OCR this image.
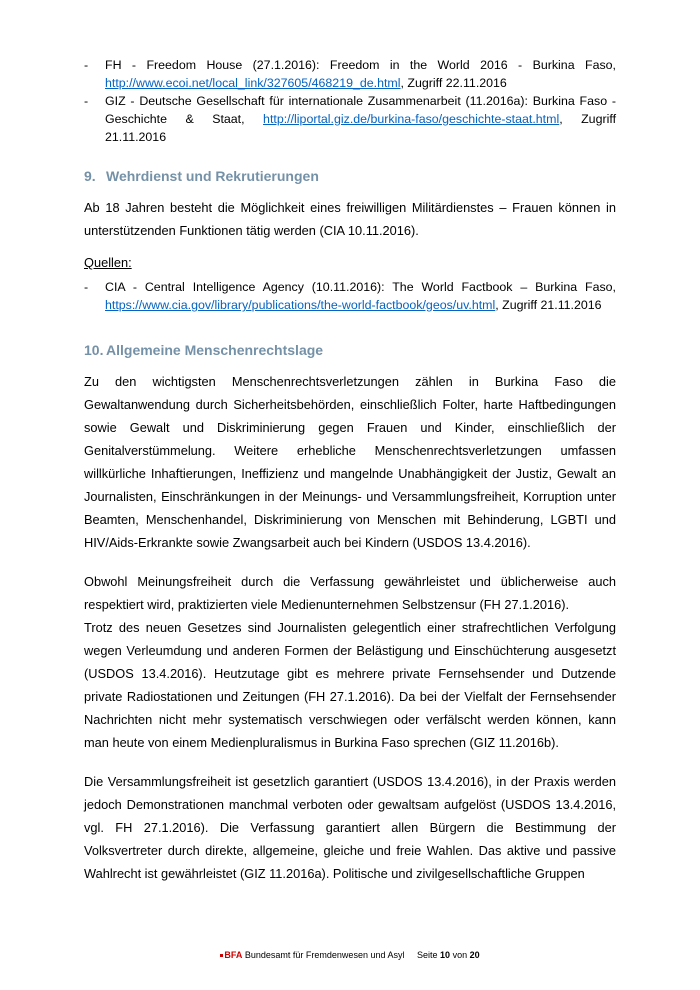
-	FH - Freedom House (27.1.2016): Freedom in the World 2016 - Burkina Faso, http://www.ecoi.net/local_link/327605/468219_de.html, Zugriff 22.11.2016
-	GIZ - Deutsche Gesellschaft für internationale Zusammenarbeit (11.2016a): Burkina Faso - Geschichte & Staat, http://liportal.giz.de/burkina-faso/geschichte-staat.html, Zugriff 21.11.2016
9. Wehrdienst und Rekrutierungen

Ab 18 Jahren besteht die Möglichkeit eines freiwilligen Militärdienstes – Frauen können in unterstützenden Funktionen tätig werden (CIA 10.11.2016).

Quellen:

-	CIA - Central Intelligence Agency (10.11.2016): The World Factbook – Burkina Faso, https://www.cia.gov/library/publications/the-world-factbook/geos/uv.html, Zugriff 21.11.2016
10. Allgemeine Menschenrechtslage

Zu den wichtigsten Menschenrechtsverletzungen zählen in Burkina Faso die Gewaltanwendung durch Sicherheitsbehörden, einschließlich Folter, harte Haftbedingungen sowie Gewalt und Diskriminierung gegen Frauen und Kinder, einschließlich der Genitalverstümmelung. Weitere erhebliche Menschenrechtsverletzungen umfassen willkürliche Inhaftierungen, Ineffizienz und mangelnde Unabhängigkeit der Justiz, Gewalt an Journalisten, Einschränkungen in der Meinungs- und Versammlungsfreiheit, Korruption unter Beamten, Menschenhandel, Diskriminierung von Menschen mit Behinderung, LGBTI und HIV/Aids-Erkrankte sowie Zwangsarbeit auch bei Kindern (USDOS 13.4.2016).

Obwohl Meinungsfreiheit durch die Verfassung gewährleistet und üblicherweise auch respektiert wird, praktizierten viele Medienunternehmen Selbstzensur (FH 27.1.2016).

Trotz des neuen Gesetzes sind Journalisten gelegentlich einer strafrechtlichen Verfolgung wegen Verleumdung und anderen Formen der Belästigung und Einschüchterung ausgesetzt (USDOS 13.4.2016). Heutzutage gibt es mehrere private Fernsehsender und Dutzende private Radiostationen und Zeitungen (FH 27.1.2016). Da bei der Vielfalt der Fernsehsender Nachrichten nicht mehr systematisch verschwiegen oder verfälscht werden können, kann man heute von einem Medienpluralismus in Burkina Faso sprechen (GIZ 11.2016b).

Die Versammlungsfreiheit ist gesetzlich garantiert (USDOS 13.4.2016), in der Praxis werden jedoch Demonstrationen manchmal verboten oder gewaltsam aufgelöst (USDOS 13.4.2016, vgl. FH 27.1.2016). Die Verfassung garantiert allen Bürgern die Bestimmung der Volksvertreter durch direkte, allgemeine, gleiche und freie Wahlen. Das aktive und passive Wahlrecht ist gewährleistet (GIZ 11.2016a). Politische und zivilgesellschaftliche Gruppen

BFA Bundesamt für Fremdenwesen und Asyl Seite 10 von 20
